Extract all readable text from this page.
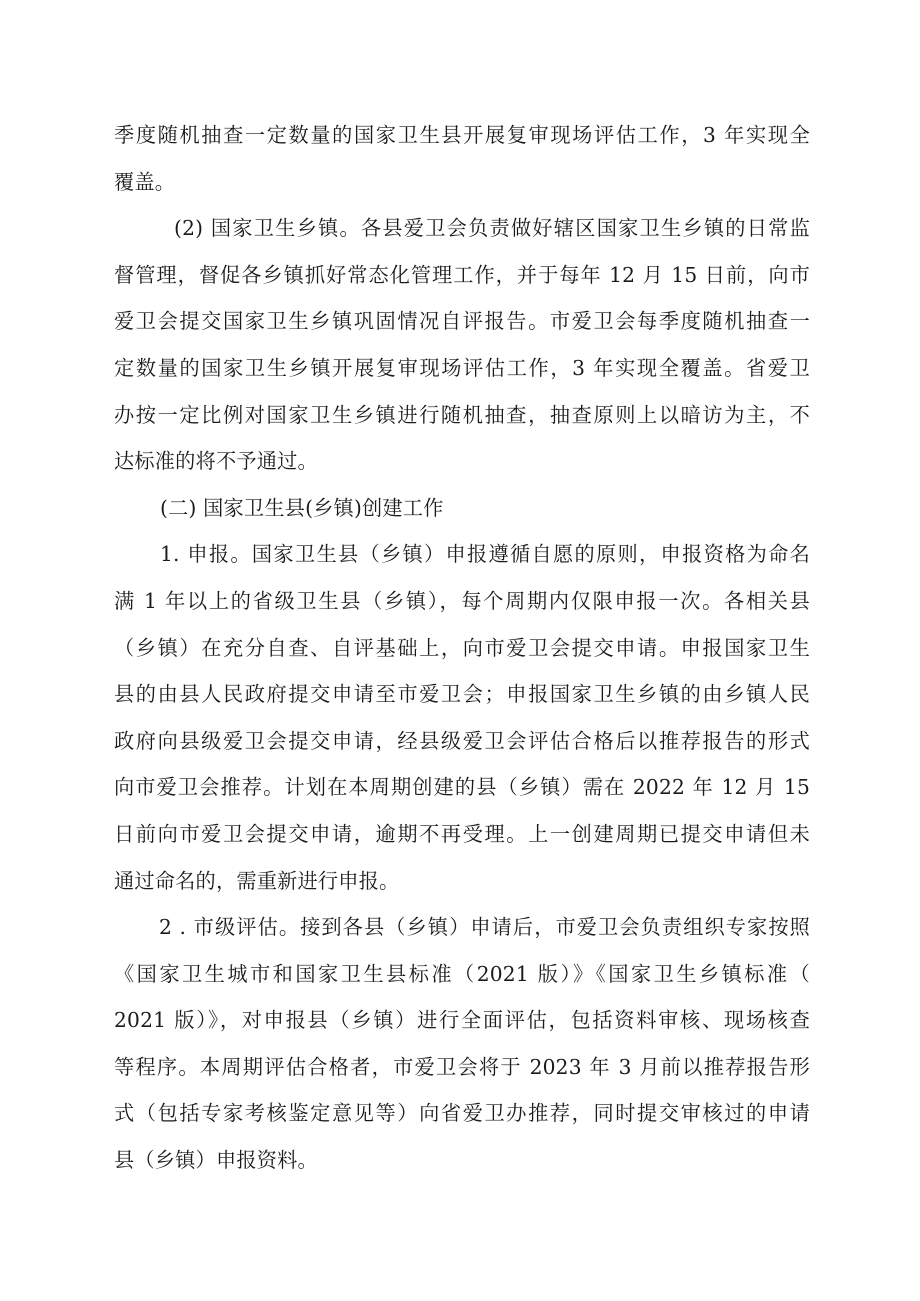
季度随机抽查一定数量的国家卫生县开展复审现场评估工作，3 年实现全
覆盖。
(2) 国家卫生乡镇。各县爱卫会负责做好辖区国家卫生乡镇的日常监
督管理，督促各乡镇抓好常态化管理工作，并于每年 12 月 15 日前，向市
爱卫会提交国家卫生乡镇巩固情况自评报告。市爱卫会每季度随机抽查一
定数量的国家卫生乡镇开展复审现场评估工作，3 年实现全覆盖。省爱卫
办按一定比例对国家卫生乡镇进行随机抽查，抽查原则上以暗访为主，不
达标准的将不予通过。
(二) 国家卫生县(乡镇)创建工作
1. 申报。国家卫生县（乡镇）申报遵循自愿的原则，申报资格为命名
满 1 年以上的省级卫生县（乡镇），每个周期内仅限申报一次。各相关县
（乡镇）在充分自查、自评基础上，向市爱卫会提交申请。申报国家卫生
县的由县人民政府提交申请至市爱卫会；申报国家卫生乡镇的由乡镇人民
政府向县级爱卫会提交申请，经县级爱卫会评估合格后以推荐报告的形式
向市爱卫会推荐。计划在本周期创建的县（乡镇）需在 2022 年 12 月 15
日前向市爱卫会提交申请，逾期不再受理。上一创建周期已提交申请但未
通过命名的，需重新进行申报。
2 . 市级评估。接到各县（乡镇）申请后，市爱卫会负责组织专家按照
《国家卫生城市和国家卫生县标准（2021 版）》《国家卫生乡镇标准（
2021 版）》，对申报县（乡镇）进行全面评估，包括资料审核、现场核查
等程序。本周期评估合格者，市爱卫会将于 2023 年 3 月前以推荐报告形
式（包括专家考核鉴定意见等）向省爱卫办推荐，同时提交审核过的申请
县（乡镇）申报资料。
